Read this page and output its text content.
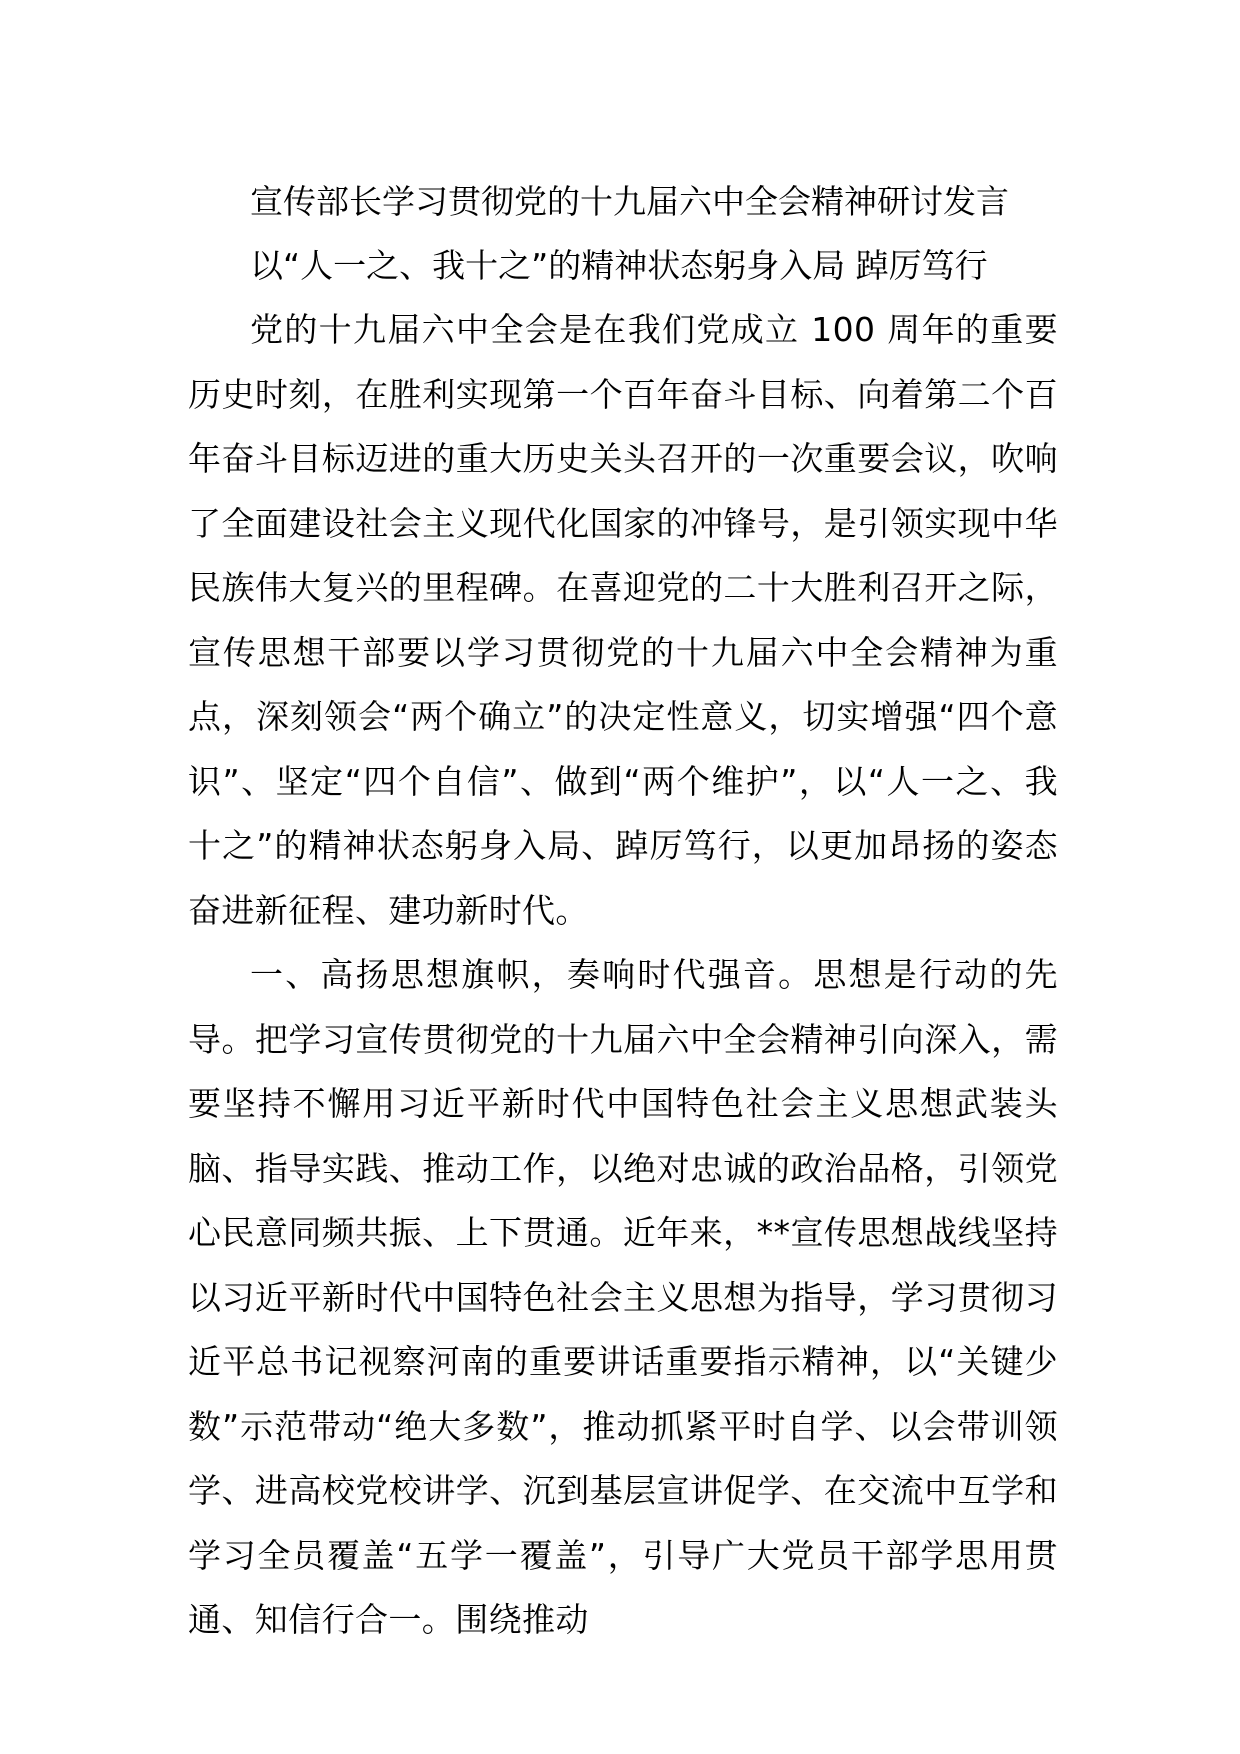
宣传部长学习贯彻党的十九届六中全会精神研讨发言

以“人一之、我十之”的精神状态躬身入局 踔厉笃行

党的十九届六中全会是在我们党成立 100 周年的重要历史时刻，在胜利实现第一个百年奋斗目标、向着第二个百年奋斗目标迈进的重大历史关头召开的一次重要会议，吹响了全面建设社会主义现代化国家的冲锋号，是引领实现中华民族伟大复兴的里程碑。在喜迎党的二十大胜利召开之际，宣传思想干部要以学习贯彻党的十九届六中全会精神为重点，深刻领会“两个确立”的决定性意义，切实增强“四个意识”、坚定“四个自信”、做到“两个维护”，以“人一之、我十之”的精神状态躬身入局、踔厉笃行，以更加昂扬的姿态奋进新征程、建功新时代。

一、高扬思想旗帜，奏响时代强音。思想是行动的先导。把学习宣传贯彻党的十九届六中全会精神引向深入，需要坚持不懈用习近平新时代中国特色社会主义思想武装头脑、指导实践、推动工作，以绝对忠诚的政治品格，引领党心民意同频共振、上下贯通。近年来，**宣传思想战线坚持以习近平新时代中国特色社会主义思想为指导，学习贯彻习近平总书记视察河南的重要讲话重要指示精神，以“关键少数”示范带动“绝大多数”，推动抓紧平时自学、以会带训领学、进高校党校讲学、沉到基层宣讲促学、在交流中互学和学习全员覆盖“五学一覆盖”，引导广大党员干部学思用贯通、知信行合一。围绕推动
